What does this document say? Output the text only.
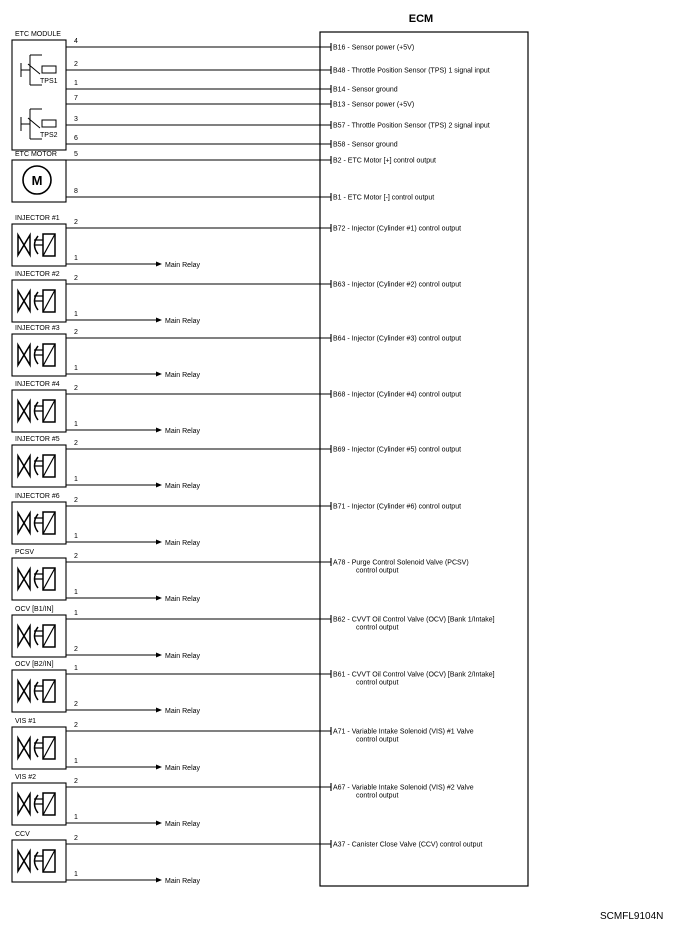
ECM
ETC MODULE
TPS1
TPS2
ETC MOTOR
M
4
B16 - Sensor power (+5V)
2
B48 - Throttle Position Sensor (TPS) 1 signal input
1
B14 - Sensor ground
7
B13 - Sensor power (+5V)
3
B57 - Throttle Position Sensor (TPS) 2 signal input
6
B58 - Sensor ground
5
B2 - ETC Motor [+] control output
8
B1 - ETC Motor [-] control output
INJECTOR #1
2
1
Main Relay
B72 - Injector (Cylinder #1) control output
INJECTOR #2
2
1
Main Relay
B63 - Injector (Cylinder #2) control output
INJECTOR #3
2
1
Main Relay
B64 - Injector (Cylinder #3) control output
INJECTOR #4
2
1
Main Relay
B68 - Injector (Cylinder #4) control output
INJECTOR #5
2
1
Main Relay
B69 - Injector (Cylinder #5) control output
INJECTOR #6
2
1
Main Relay
B71 - Injector (Cylinder #6) control output
PCSV
2
1
Main Relay
A78 - Purge Control Solenoid Valve (PCSV)
control output
OCV [B1/IN]
1
2
Main Relay
B62 - CVVT Oil Control Valve (OCV) [Bank 1/Intake]
control output
OCV [B2/IN]
1
2
Main Relay
B61 - CVVT Oil Control Valve (OCV) [Bank 2/Intake]
control output
VIS #1
2
1
Main Relay
A71 - Variable Intake Solenoid (VIS) #1 Valve
control output
VIS #2
2
1
Main Relay
A67 - Variable Intake Solenoid (VIS) #2 Valve
control output
CCV
2
1
Main Relay
A37 - Canister Close Valve (CCV) control output
SCMFL9104N
